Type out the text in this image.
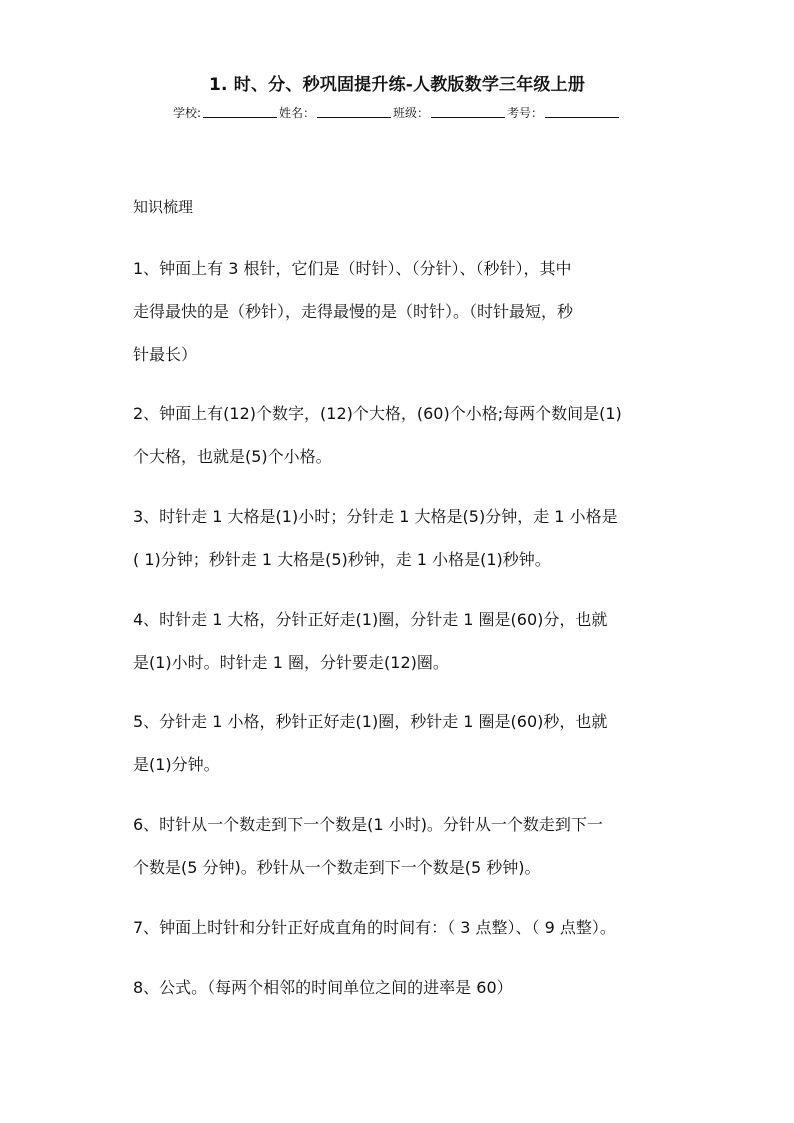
1. 时、分、秒巩固提升练-人教版数学三年级上册
学校:	姓名：	班级：	考号：
知识梳理
1、钟面上有 3 根针，它们是（时针）、（分针）、（秒针），其中
走得最快的是（秒针），走得最慢的是（时针）。（时针最短，秒
针最长）
2、钟面上有(12)个数字，(12)个大格，(60)个小格;每两个数间是(1)
个大格，也就是(5)个小格。
3、时针走 1 大格是(1)小时；分针走 1 大格是(5)分钟，走 1 小格是
( 1)分钟；秒针走 1 大格是(5)秒钟，走 1 小格是(1)秒钟。
4、时针走 1 大格，分针正好走(1)圈，分针走 1 圈是(60)分，也就
是(1)小时。时针走 1 圈，分针要走(12)圈。
5、分针走 1 小格，秒针正好走(1)圈，秒针走 1 圈是(60)秒，也就
是(1)分钟。
6、时针从一个数走到下一个数是(1 小时)。分针从一个数走到下一
个数是(5 分钟)。秒针从一个数走到下一个数是(5 秒钟)。
7、钟面上时针和分针正好成直角的时间有：（ 3 点整）、（ 9 点整）。
8、公式。（每两个相邻的时间单位之间的进率是 60）
